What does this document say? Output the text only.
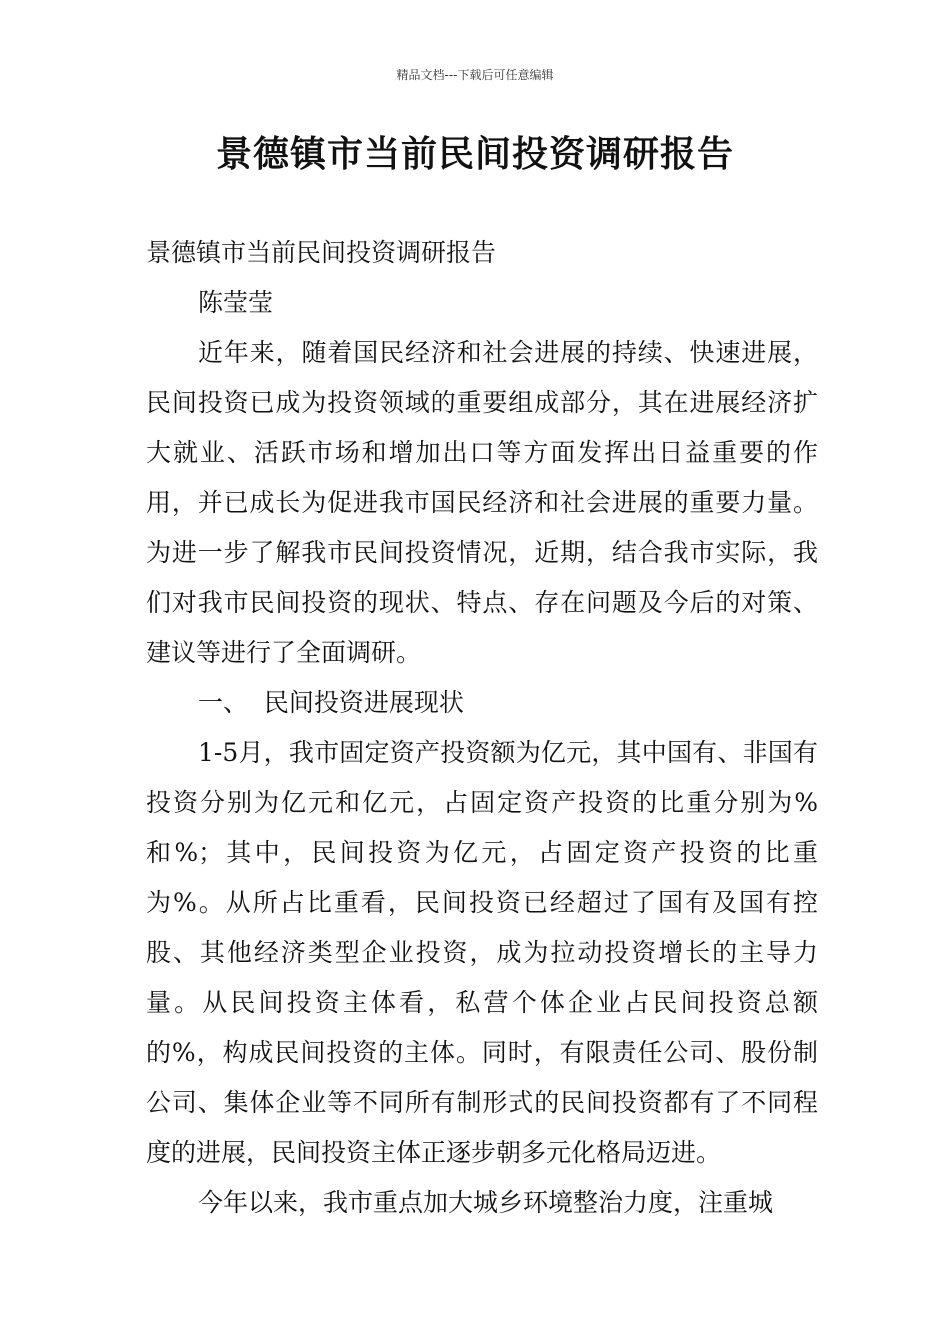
精品文档---下载后可任意编辑
景德镇市当前民间投资调研报告

景德镇市当前民间投资调研报告

陈莹莹

近年来，随着国民经济和社会进展的持续、快速进展，民间投资已成为投资领域的重要组成部分，其在进展经济扩大就业、活跃市场和增加出口等方面发挥出日益重要的作用，并已成长为促进我市国民经济和社会进展的重要力量。为进一步了解我市民间投资情况，近期，结合我市实际，我们对我市民间投资的现状、特点、存在问题及今后的对策、建议等进行了全面调研。

一、  民间投资进展现状

1-5月，我市固定资产投资额为亿元，其中国有、非国有投资分别为亿元和亿元，占固定资产投资的比重分别为%和%；其中，民间投资为亿元，占固定资产投资的比重为%。从所占比重看，民间投资已经超过了国有及国有控股、其他经济类型企业投资，成为拉动投资增长的主导力量。从民间投资主体看，私营个体企业占民间投资总额的%，构成民间投资的主体。同时，有限责任公司、股份制公司、集体企业等不同所有制形式的民间投资都有了不同程度的进展，民间投资主体正逐步朝多元化格局迈进。

今年以来，我市重点加大城乡环境整治力度，注重城
